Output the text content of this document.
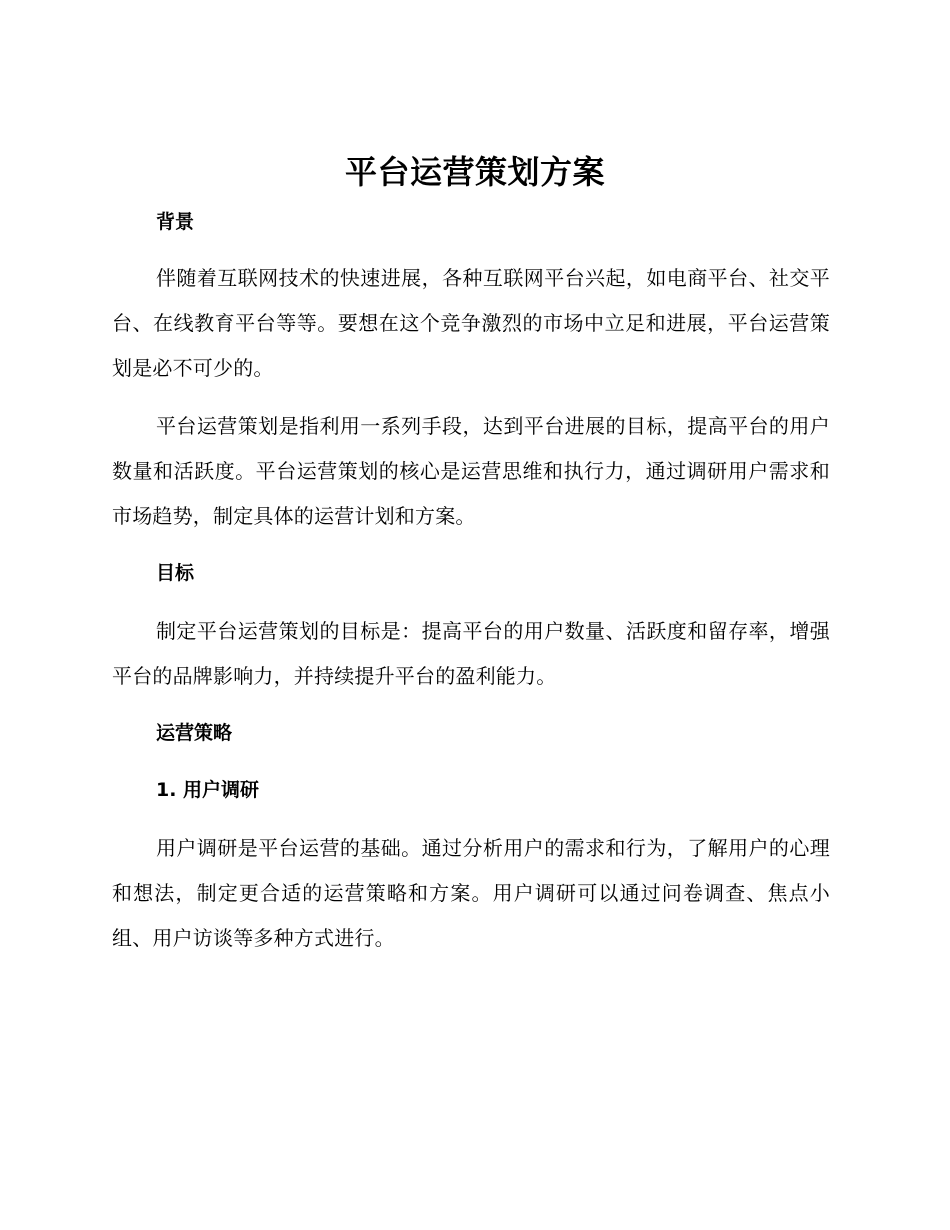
平台运营策划方案
背景
伴随着互联网技术的快速进展，各种互联网平台兴起，如电商平台、社交平台、在线教育平台等等。要想在这个竞争激烈的市场中立足和进展，平台运营策划是必不可少的。
平台运营策划是指利用一系列手段，达到平台进展的目标，提高平台的用户数量和活跃度。平台运营策划的核心是运营思维和执行力，通过调研用户需求和市场趋势，制定具体的运营计划和方案。
目标
制定平台运营策划的目标是：提高平台的用户数量、活跃度和留存率，增强平台的品牌影响力，并持续提升平台的盈利能力。
运营策略
1. 用户调研
用户调研是平台运营的基础。通过分析用户的需求和行为，了解用户的心理和想法，制定更合适的运营策略和方案。用户调研可以通过问卷调查、焦点小组、用户访谈等多种方式进行。
